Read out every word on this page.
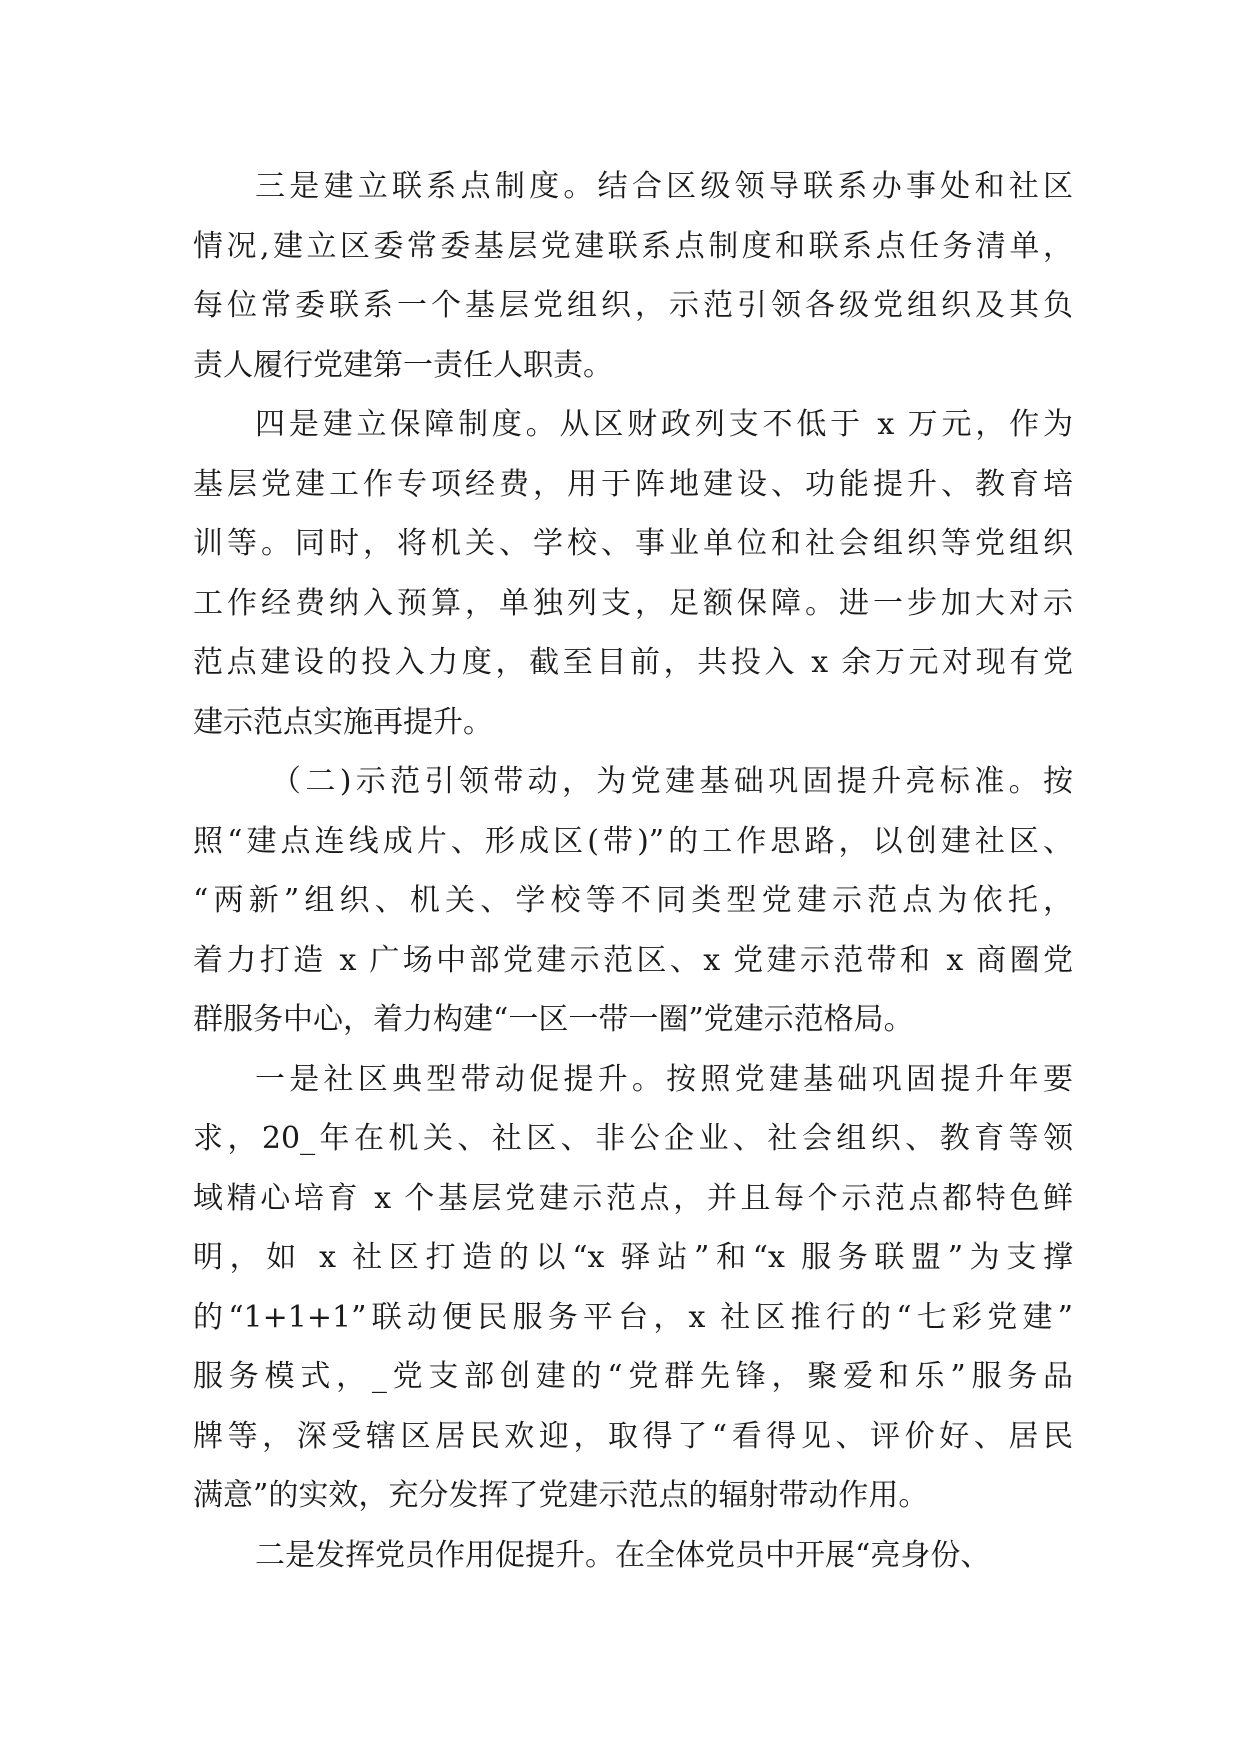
三是建立联系点制度。结合区级领导联系办事处和社区
情况,建立区委常委基层党建联系点制度和联系点任务清单，
每位常委联系一个基层党组织，示范引领各级党组织及其负
责人履行党建第一责任人职责。
四是建立保障制度。从区财政列支不低于 x 万元，作为
基层党建工作专项经费，用于阵地建设、功能提升、教育培
训等。同时，将机关、学校、事业单位和社会组织等党组织
工作经费纳入预算，单独列支，足额保障。进一步加大对示
范点建设的投入力度，截至目前，共投入 x 余万元对现有党
建示范点实施再提升。
（二)示范引领带动，为党建基础巩固提升亮标准。按
照“建点连线成片、形成区(带)”的工作思路，以创建社区、
“两新”组织、机关、学校等不同类型党建示范点为依托，
着力打造 x 广场中部党建示范区、x 党建示范带和 x 商圈党
群服务中心，着力构建“一区一带一圈”党建示范格局。
一是社区典型带动促提升。按照党建基础巩固提升年要
求，20_年在机关、社区、非公企业、社会组织、教育等领
域精心培育 x 个基层党建示范点，并且每个示范点都特色鲜
明，如 x 社区打造的以“x 驿站”和“x 服务联盟”为支撑
的“1+1+1”联动便民服务平台，x 社区推行的“七彩党建”
服务模式，_党支部创建的“党群先锋，聚爱和乐”服务品
牌等，深受辖区居民欢迎，取得了“看得见、评价好、居民
满意”的实效，充分发挥了党建示范点的辐射带动作用。
二是发挥党员作用促提升。在全体党员中开展“亮身份、
